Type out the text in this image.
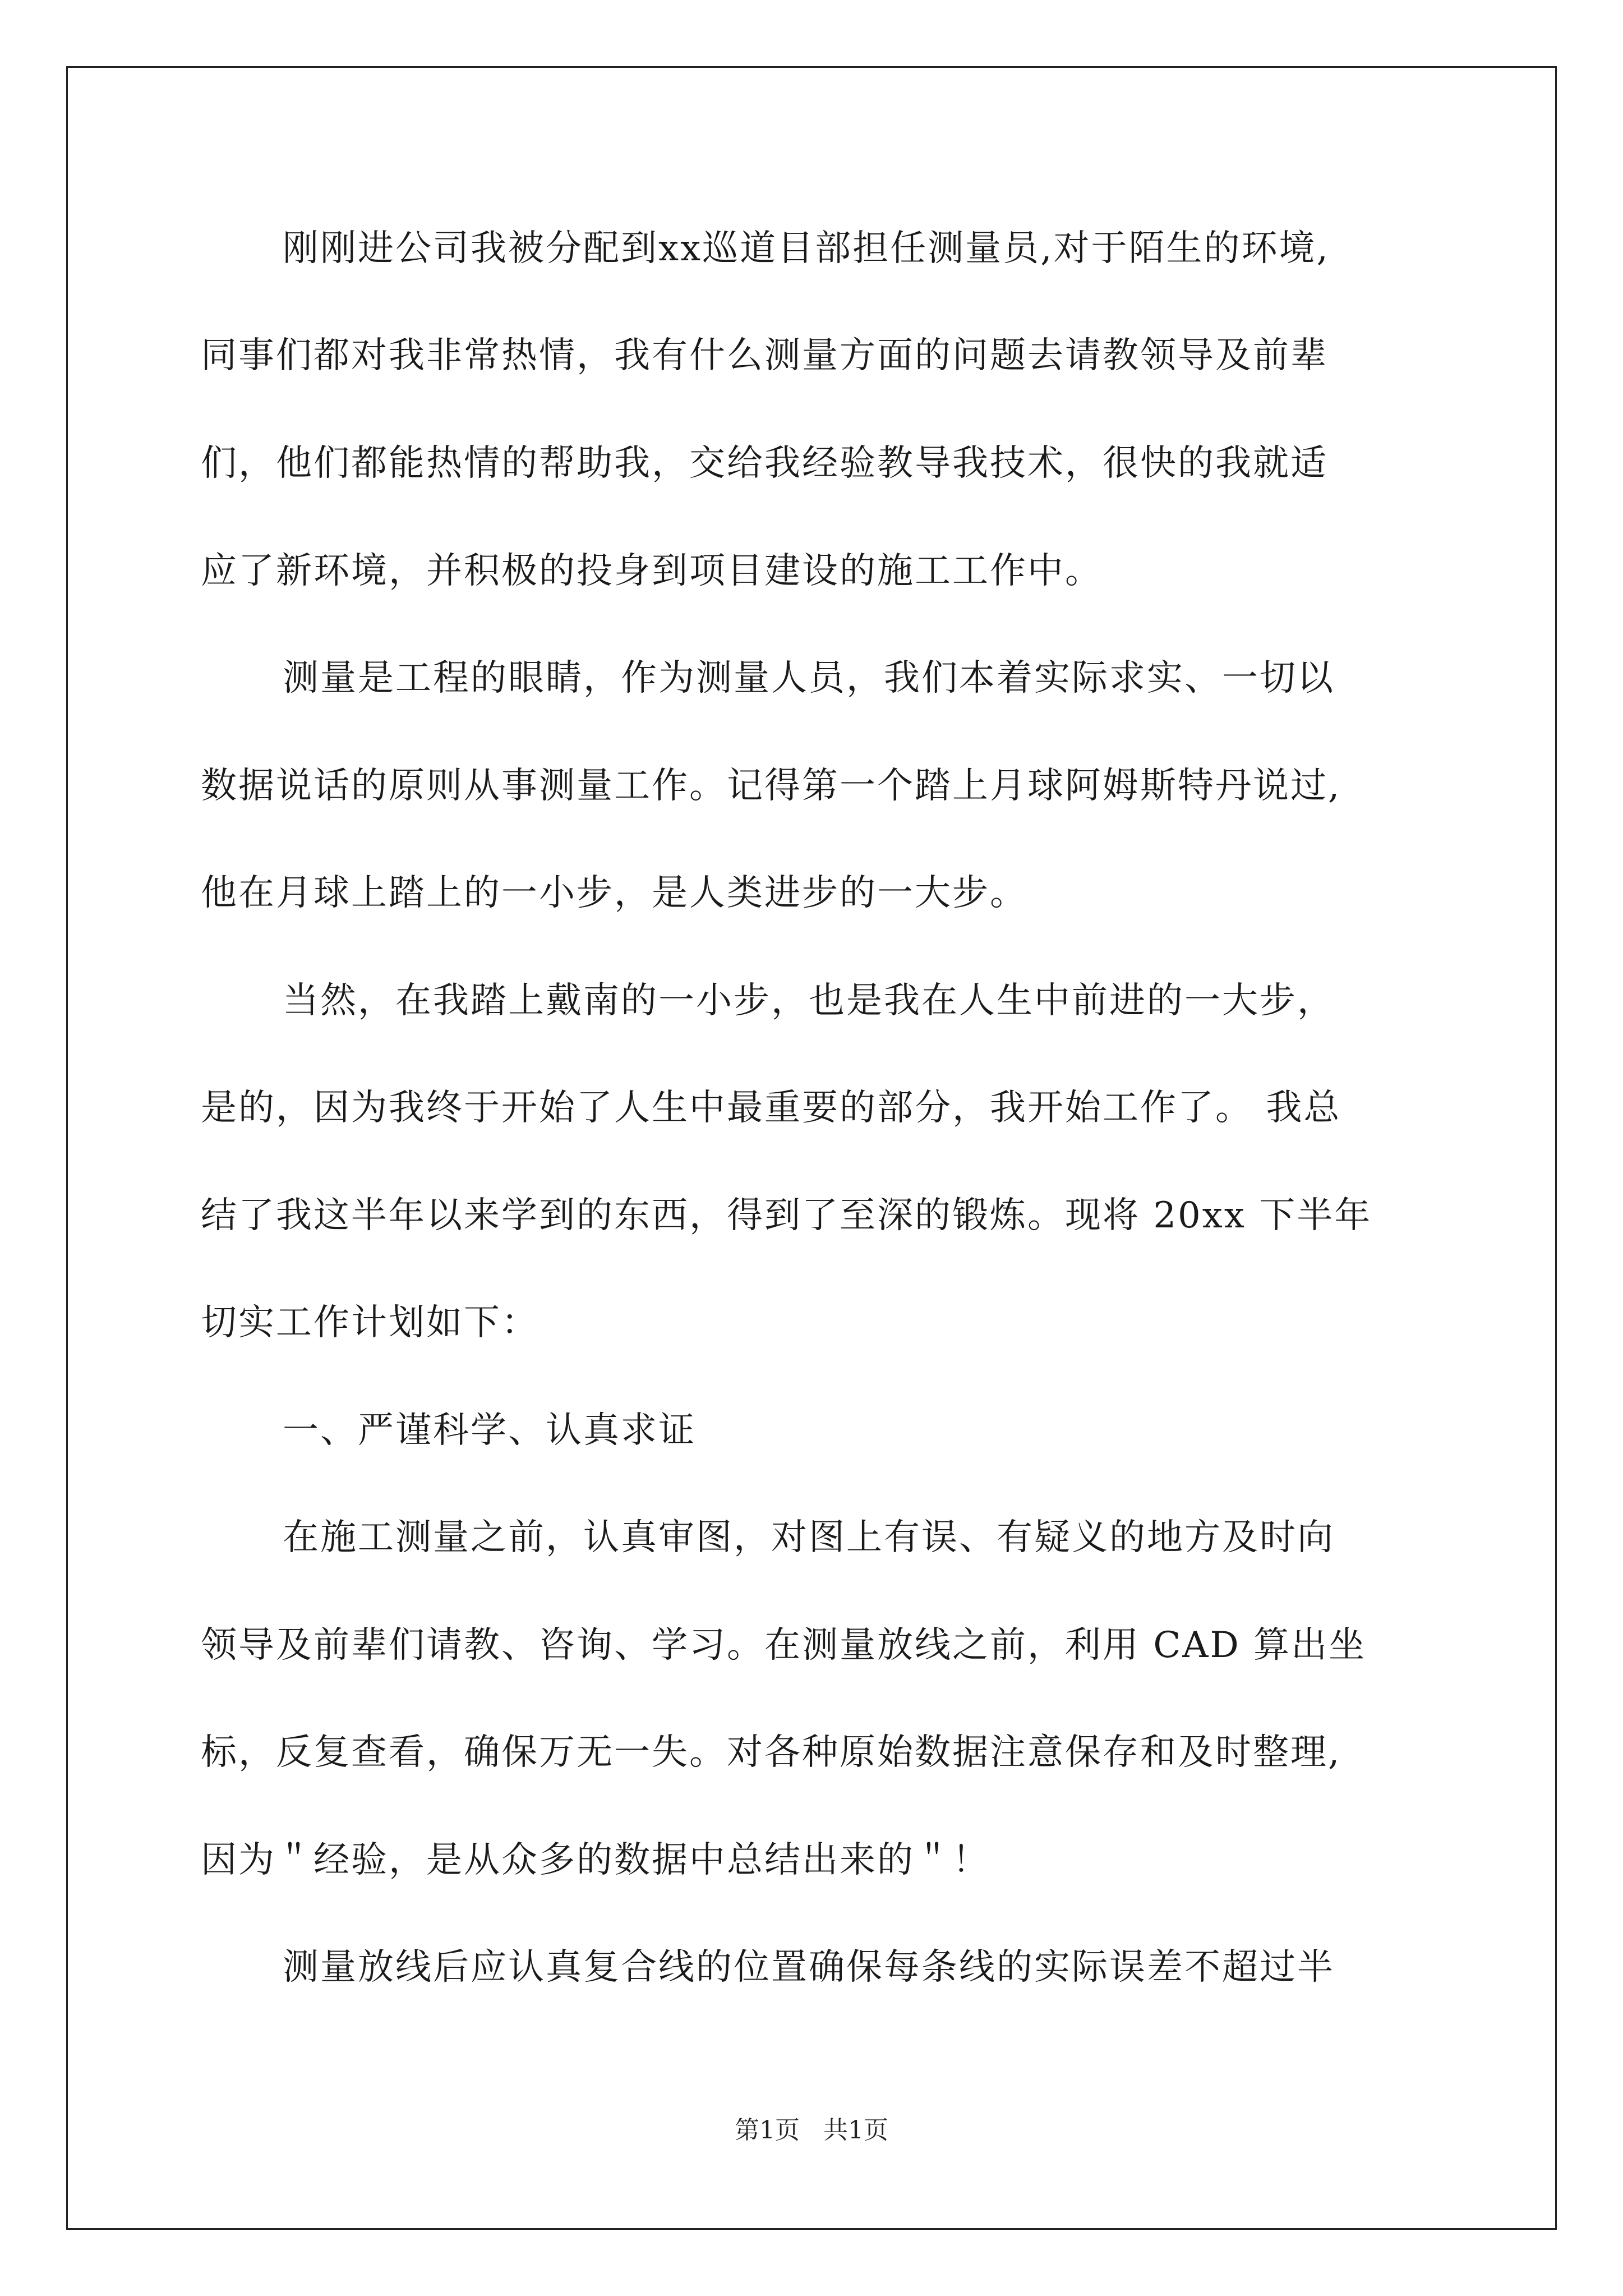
刚刚进公司我被分配到xx巡道目部担任测量员,对于陌生的环境,
同事们都对我非常热情，我有什么测量方面的问题去请教领导及前辈
们，他们都能热情的帮助我，交给我经验教导我技术，很快的我就适
应了新环境，并积极的投身到项目建设的施工工作中。
测量是工程的眼睛，作为测量人员，我们本着实际求实、一切以
数据说话的原则从事测量工作。记得第一个踏上月球阿姆斯特丹说过,
他在月球上踏上的一小步，是人类进步的一大步。
当然，在我踏上戴南的一小步，也是我在人生中前进的一大步，
是的，因为我终于开始了人生中最重要的部分，我开始工作了。 我总
结了我这半年以来学到的东西，得到了至深的锻炼。现将 20xx 下半年
切实工作计划如下：
一、严谨科学、认真求证
在施工测量之前，认真审图，对图上有误、有疑义的地方及时向
领导及前辈们请教、咨询、学习。在测量放线之前，利用 CAD 算出坐
标，反复查看，确保万无一失。对各种原始数据注意保存和及时整理,
因为＂经验，是从众多的数据中总结出来的＂！
测量放线后应认真复合线的位置确保每条线的实际误差不超过半
第1页   共1页
